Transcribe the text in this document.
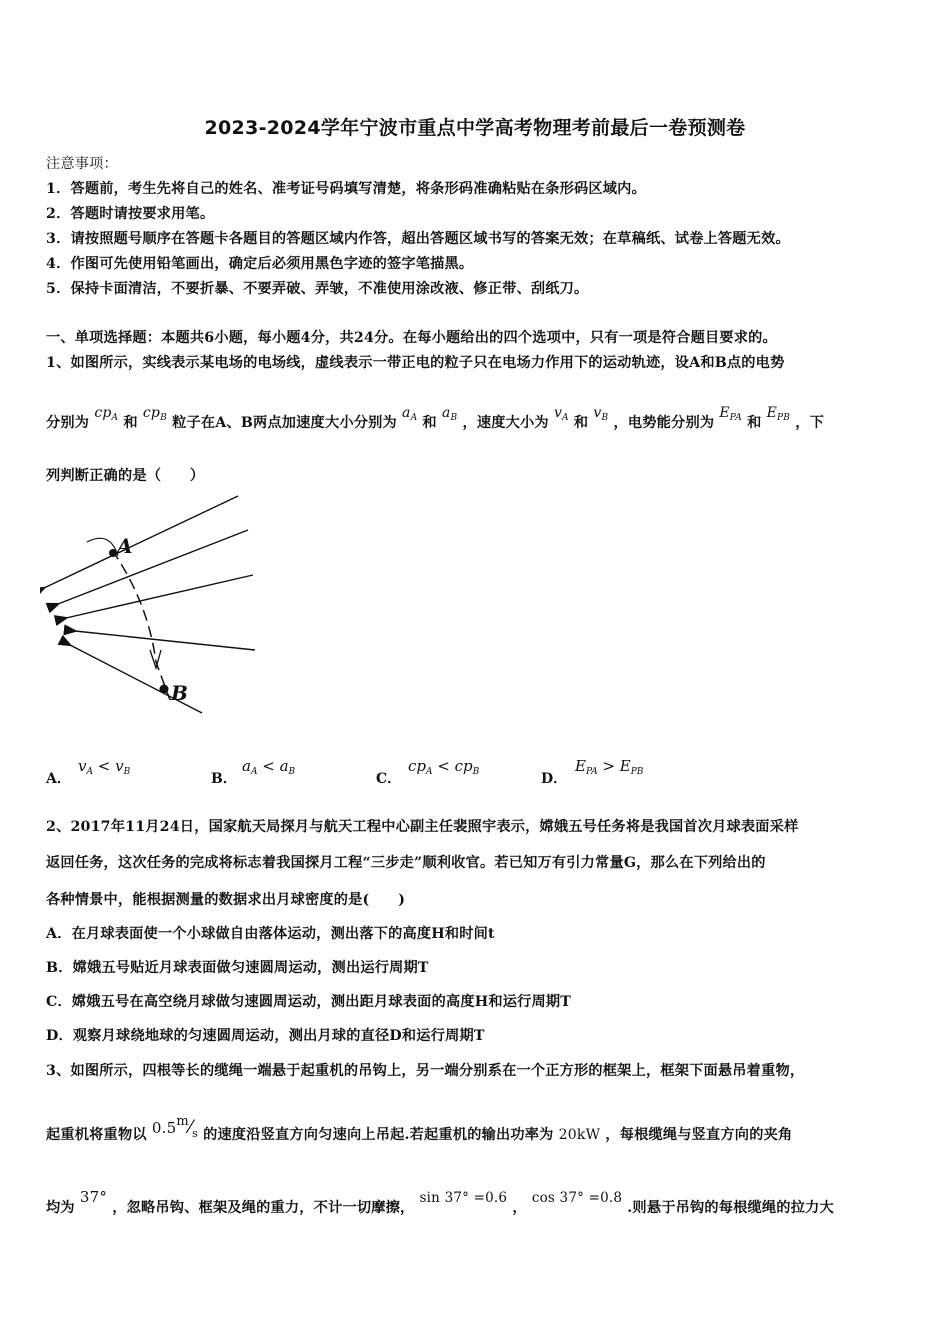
2023-2024学年宁波市重点中学高考物理考前最后一卷预测卷
注意事项：
1．答题前，考生先将自己的姓名、准考证号码填写清楚，将条形码准确粘贴在条形码区域内。
2．答题时请按要求用笔。
3．请按照题号顺序在答题卡各题目的答题区域内作答，超出答题区域书写的答案无效；在草稿纸、试卷上答题无效。
4．作图可先使用铅笔画出，确定后必须用黑色字迹的签字笔描黑。
5．保持卡面清洁，不要折暴、不要弄破、弄皱，不准使用涂改液、修正带、刮纸刀。
一、单项选择题：本题共6小题，每小题4分，共24分。在每小题给出的四个选项中，只有一项是符合题目要求的。
1、如图所示，实线表示某电场的电场线，虚线表示一带正电的粒子只在电场力作用下的运动轨迹，设A和B点的电势
分别为 $cp_A$ 和 $cp_B$ 粒子在A、B两点加速度大小分别为 $a_A$ 和 $a_B$ ，速度大小为 $v_A$ 和 $v_B$ ，电势能分别为 $E_{PA}$ 和 $E_{PB}$ ，下
列判断正确的是（　　）
A
B
A．
$v_A < v_B$	B．
$a_A < a_B$	C．
$cp_A < cp_B$	D．
$E_{PA} > E_{PB}$
2、2017年11月24日，国家航天局探月与航天工程中心副主任裴照宇表示，嫦娥五号任务将是我国首次月球表面采样
返回任务，这次任务的完成将标志着我国探月工程“三步走”顺利收官。若已知万有引力常量G，那么在下列给出的
各种情景中，能根据测量的数据求出月球密度的是(　　)
A．在月球表面使一个小球做自由落体运动，测出落下的高度H和时间t
B．嫦娥五号贴近月球表面做匀速圆周运动，测出运行周期T
C．嫦娥五号在高空绕月球做匀速圆周运动，测出距月球表面的高度H和运行周期T
D．观察月球绕地球的匀速圆周运动，测出月球的直径D和运行周期T
3、如图所示，四根等长的缆绳一端悬于起重机的吊钩上，另一端分别系在一个正方形的框架上，框架下面悬吊着重物，
起重机将重物以 $0.5m⁄_s$ 的速度沿竖直方向匀速向上吊起.若起重机的输出功率为 20kW ，每根缆绳与竖直方向的夹角
均为 37° ，忽略吊钩、框架及绳的重力，不计一切摩擦， sin 37° =0.6 ， cos 37° =0.8 .则悬于吊钩的每根缆绳的拉力大
